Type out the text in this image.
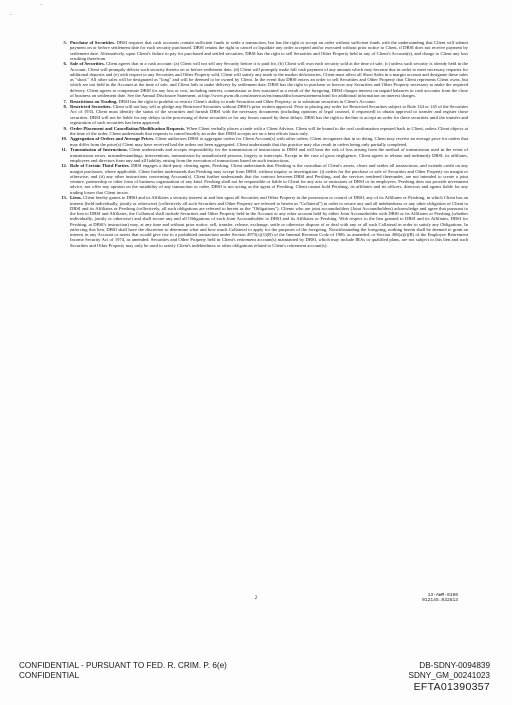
·
·
5. Purchase of Securities. DBSI requires that cash accounts contain sufficient funds to settle a transaction, but has the right to accept an order without sufficient funds with the understanding that Client will submit payment on or before settlement date for each security purchased. DBSI retains the right to cancel or liquidate any order accepted and/or executed without prior notice to Client, if DBSI does not receive payment by settlement date. Alternatively, upon Client's failure to pay for purchased and settled securities, DBSI has the right to sell Securities and Other Property held in any of Client's Account(s), and charge to Client any loss resulting therefrom.
6. Sale of Securities. Client agrees that in a cash account: (a) Client will not sell any Security before it is paid for, (b) Client will own each security sold at the time of sale, (c) unless such security is already held in the Account, Client will promptly deliver such security thereto on or before settlement date, (d) Client will promptly make full cash payment of any amount which may become due in order to meet necessary requests for additional deposits and (e) with respect to any Securities and Other Property sold, Client will satisfy any mark to the market deficiencies. Client must affect all Short Sales in a margin account and designate these sales as "short." All other sales will be designated as "long" and will be deemed to be owned by Client. In the event that DBSI enters an order to sell Securities and Other Property that Client represents Client owns, but which are not held in the Account at the time of sale, and Client fails to make delivery by settlement date, DBSI has the right to purchase or borrow any Securities and Other Property necessary to make the required delivery. Client agrees to compensate DBSI for any loss or cost, including interest, commission or fees sustained as a result of the foregoing. DBSI charges interest on unpaid balances in cash accounts from the close of business on settlement date. See the Annual Disclosure Statement, at http://www.pwm.db.com/americas/en/annualdisclosurestatement.html for additional information on interest charges.
7. Restrictions on Trading. DBSI has the right to prohibit or restrict Client's ability to trade Securities and Other Property, or to substitute securities in Client's Account.
8. Restricted Securities. Client will not buy, sell or pledge any Restricted Securities without DBSI's prior written approval. Prior to placing any order for Restricted Securities subject to Rule 144 or 145 of the Securities Act of 1933, Client must identify the status of the securities and furnish DBSI with the necessary documents (including opinions of legal counsel, if requested) to obtain approval to transfer and register those securities. DBSI will not be liable for any delays in the processing of these securities or for any losses caused by these delays. DBSI has the right to decline to accept an order for these securities until the transfer and registration of such securities has been approved.
9. Order Placement and Cancellation/Modification Requests. When Client verbally places a trade with a Client Advisor, Client will be bound to the oral confirmation repeated back to Client, unless Client objects at the time of the order. Client understands that requests to cancel/modify an order that DBSI accepts are on a best efforts basis only.
10. Aggregation of Orders and Average Prices. Client authorizes DBSI to aggregate orders for Client Account(s) with other orders. Client recognizes that in so doing, Client may receive an average price for orders that may differ from the price(s) Client may have received had the orders not been aggregated. Client understands that this practice may also result in orders being only partially completed.
11. Transmission of Instructions. Client understands and accepts responsibility for the transmission of instructions to DBSI and will bear the risk of loss arising from the method of transmission used in the event of transmission errors, misunderstandings, interventions, transmission by unauthorized persons, forgery or intercepts. Except in the case of gross negligence, Client agrees to release and indemnify DBSI, its affiliates, employees and directors from any and all liability arising from the execution of transactions based on such instructions.
12. Role of Certain Third Parties. DBSI engages a third-party clearing agent, Pershing. Client understands that Pershing is the custodian of Client's assets, clears and settles all transactions, and extends credit on any margin purchases, where applicable. Client further understands that Pershing may accept from DBSI, without inquiry or investigation: (i) orders for the purchase or sale of Securities and Other Property on margin or otherwise, and (ii) any other instructions concerning Account(s). Client further understands that the contract between DBSI and Pershing, and the services rendered thereunder, are not intended to create a joint venture, partnership or other form of business organization of any kind. Pershing shall not be responsible or liable to Client for any acts or omissions of DBSI or its employees. Pershing does not provide investment advice, nor offer any opinion on the suitability of any transaction or order. DBSI is not acting as the agent of Pershing. Client cannot hold Pershing, its affiliates and its officers, directors and agents liable for any trading losses that Client incurs.
13. Liens. Client hereby grants to DBSI and its Affiliates a security interest in and lien upon all Securities and Other Property in the possession or control of DBSI, any of its Affiliates or Pershing, in which Client has an interest (held individually, jointly or otherwise) (collectively all such Securities and Other Property are referred to herein as "Collateral") in order to secure any and all indebtedness or any other obligation of Client to DBSI and its Affiliates or Pershing (collectively, all such obligations are referred to herein as the "Obligations"). Clients who are joint accountholders (Joint Accountholders) acknowledge and agree that pursuant to the lien to DBSI and Affiliates, the Collateral shall include Securities and Other Property held in the Account or any other account held by either Joint Accountholder with DBSI or its Affiliates or Pershing (whether individually, jointly or otherwise) and shall secure any and all Obligations of each Joint Accountholder to DBSI and its Affiliates or Pershing. With respect to the lien granted to DBSI and its Affiliates, DBSI for Pershing, at DBSI's instruction) may, at any time and without prior notice, sell, transfer, release, exchange, settle or otherwise dispose of or deal with any or all such Collateral in order to satisfy any Obligations. In enforcing this lien, DBSI shall have the discretion to determine what and how much Collateral to apply for the purposes of the foregoing. Notwithstanding the foregoing, nothing herein shall be deemed to grant an interest in any Account or assets that would give rise to a prohibited transaction under Section 4975(c)(1)(B) of the Internal Revenue Code of 1986, as amended, or Section 406(a)(i)(B) of the Employee Retirement Income Security Act of 1974, as amended. Securities and Other Property held in Client's retirement account(s) maintained by DBSI, which may include IRAs or qualified plans, are not subject to this lien and such Securities and Other Property may only be used to satisfy Client's indebtedness or other obligations related to Client's retirement account(s).
2
13-AWM-0196
012145.032813
CONFIDENTIAL - PURSUANT TO FED. R. CRIM. P. 6(e)
CONFIDENTIAL
DB-SDNY-0094839
SDNY_GM_00241023
EFTA01390357
